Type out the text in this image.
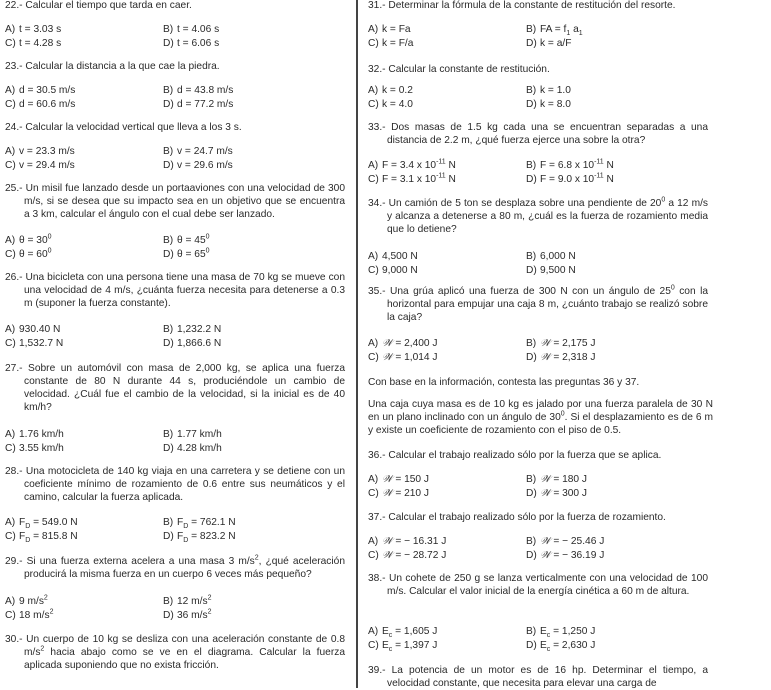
22.- Calcular el tiempo que tarda en caer.
A) t = 3.03 s	B) t = 4.06 s
C) t = 4.28 s	D) t = 6.06 s
23.- Calcular la distancia a la que cae la piedra.
A) d = 30.5 m/s	B) d = 43.8 m/s
C) d = 60.6 m/s	D) d = 77.2 m/s
24.- Calcular la velocidad vertical que lleva a los 3 s.
A) v = 23.3 m/s	B) v = 24.7 m/s
C) v = 29.4 m/s	D) v = 29.6 m/s
25.- Un misil fue lanzado desde un portaaviones con una velocidad de 300 m/s, si se desea que su impacto sea en un objetivo que se encuentra a 3 km, calcular el ángulo con el cual debe ser lanzado.
A) $\theta = 30^0$	B) $\theta = 45^0$
C) $\theta = 60^0$	D) $\theta = 65^0$
26.- Una bicicleta con una persona tiene una masa de 70 kg se mueve con una velocidad de 4 m/s, ¿cuánta fuerza necesita para detenerse a 0.3 m (suponer la fuerza constante).
A) 930.40 N	B) 1,232.2 N
C) 1,532.7 N	D) 1,866.6 N
27.- Sobre un automóvil con masa de 2,000 kg, se aplica una fuerza constante de 80 N durante 44 s, produciéndole un cambio de velocidad. ¿Cuál fue el cambio de la velocidad, si la inicial es de 40 km/h?
A) 1.76 km/h	B) 1.77 km/h
C) 3.55 km/h	D) 4.28 km/h
28.- Una motocicleta de 140 kg viaja en una carretera y se detiene con un coeficiente mínimo de rozamiento de 0.6 entre sus neumáticos y el camino, calcular la fuerza aplicada.
A) $F_D = 549.0$ N	B) $F_D = 762.1$ N
C) $F_D = 815.8$ N	D) $F_D = 823.2$ N
29.- Si una fuerza externa acelera a una masa 3 $m/s^2$, ¿qué aceleración producirá la misma fuerza en un cuerpo 6 veces más pequeño?
A) 9 $m/s^2$	B) 12 $m/s^2$
C) 18 $m/s^2$	D) 36 $m/s^2$
30.- Un cuerpo de 10 kg se desliza con una aceleración constante de 0.8 $m/s^2$ hacia abajo como se ve en el diagrama. Calcular la fuerza aplicada suponiendo que no exista fricción.
31.- Determinar la fórmula de la constante de restitución del resorte.
A) k = Fa	B) FA = $f_1$ $a_1$
C) k = F/a	D) k = a/F
32.- Calcular la constante de restitución.
A) k = 0.2	B) k = 1.0
C) k = 4.0	D) k = 8.0
33.- Dos masas de 1.5 kg cada una se encuentran separadas a una distancia de 2.2 m, ¿qué fuerza ejerce una sobre la otra?
A) F = 3.4 x $10^{-11}$ N	B) F = 6.8 x $10^{-11}$ N
C) F = 3.1 x $10^{-11}$ N	D) F = 9.0 x $10^{-11}$ N
34.- Un camión de 5 ton se desplaza sobre una pendiente de $20^0$ a 12 m/s y alcanza a detenerse a 80 m, ¿cuál es la fuerza de rozamiento media que lo detiene?
A) 4,500 N	B) 6,000 N
C) 9,000 N	D) 9,500 N
35.- Una grúa aplicó una fuerza de 300 N con un ángulo de $25^0$ con la horizontal para empujar una caja 8 m, ¿cuánto trabajo se realizó sobre la caja?
A) 𝒲 = 2,400 J	B) 𝒲 = 2,175 J
C) 𝒲 = 1,014 J	D) 𝒲 = 2,318 J
Con base en la información, contesta las preguntas 36 y 37.
Una caja cuya masa es de 10 kg es jalado por una fuerza paralela de 30 N en un plano inclinado con un ángulo de $30^0$. Si el desplazamiento es de 6 m y existe un coeficiente de rozamiento con el piso de 0.5.
36.- Calcular el trabajo realizado sólo por la fuerza que se aplica.
A) 𝒲 = 150 J	B) 𝒲 = 180 J
C) 𝒲 = 210 J	D) 𝒲 = 300 J
37.- Calcular el trabajo realizado sólo por la fuerza de rozamiento.
A) 𝒲 = − 16.31 J	B) 𝒲 = − 25.46 J
C) 𝒲 = − 28.72 J	D) 𝒲 = − 36.19 J
38.- Un cohete de 250 g se lanza verticalmente con una velocidad de 100 m/s. Calcular el valor inicial de la energía cinética a 60 m de altura.
A) $E_c = 1,605$ J	B) $E_c = 1,250$ J
C) $E_c = 1,397$ J	D) $E_c = 2,630$ J
39.- La potencia de un motor es de 16 hp. Determinar el tiempo, a velocidad constante, que necesita para elevar una carga de
